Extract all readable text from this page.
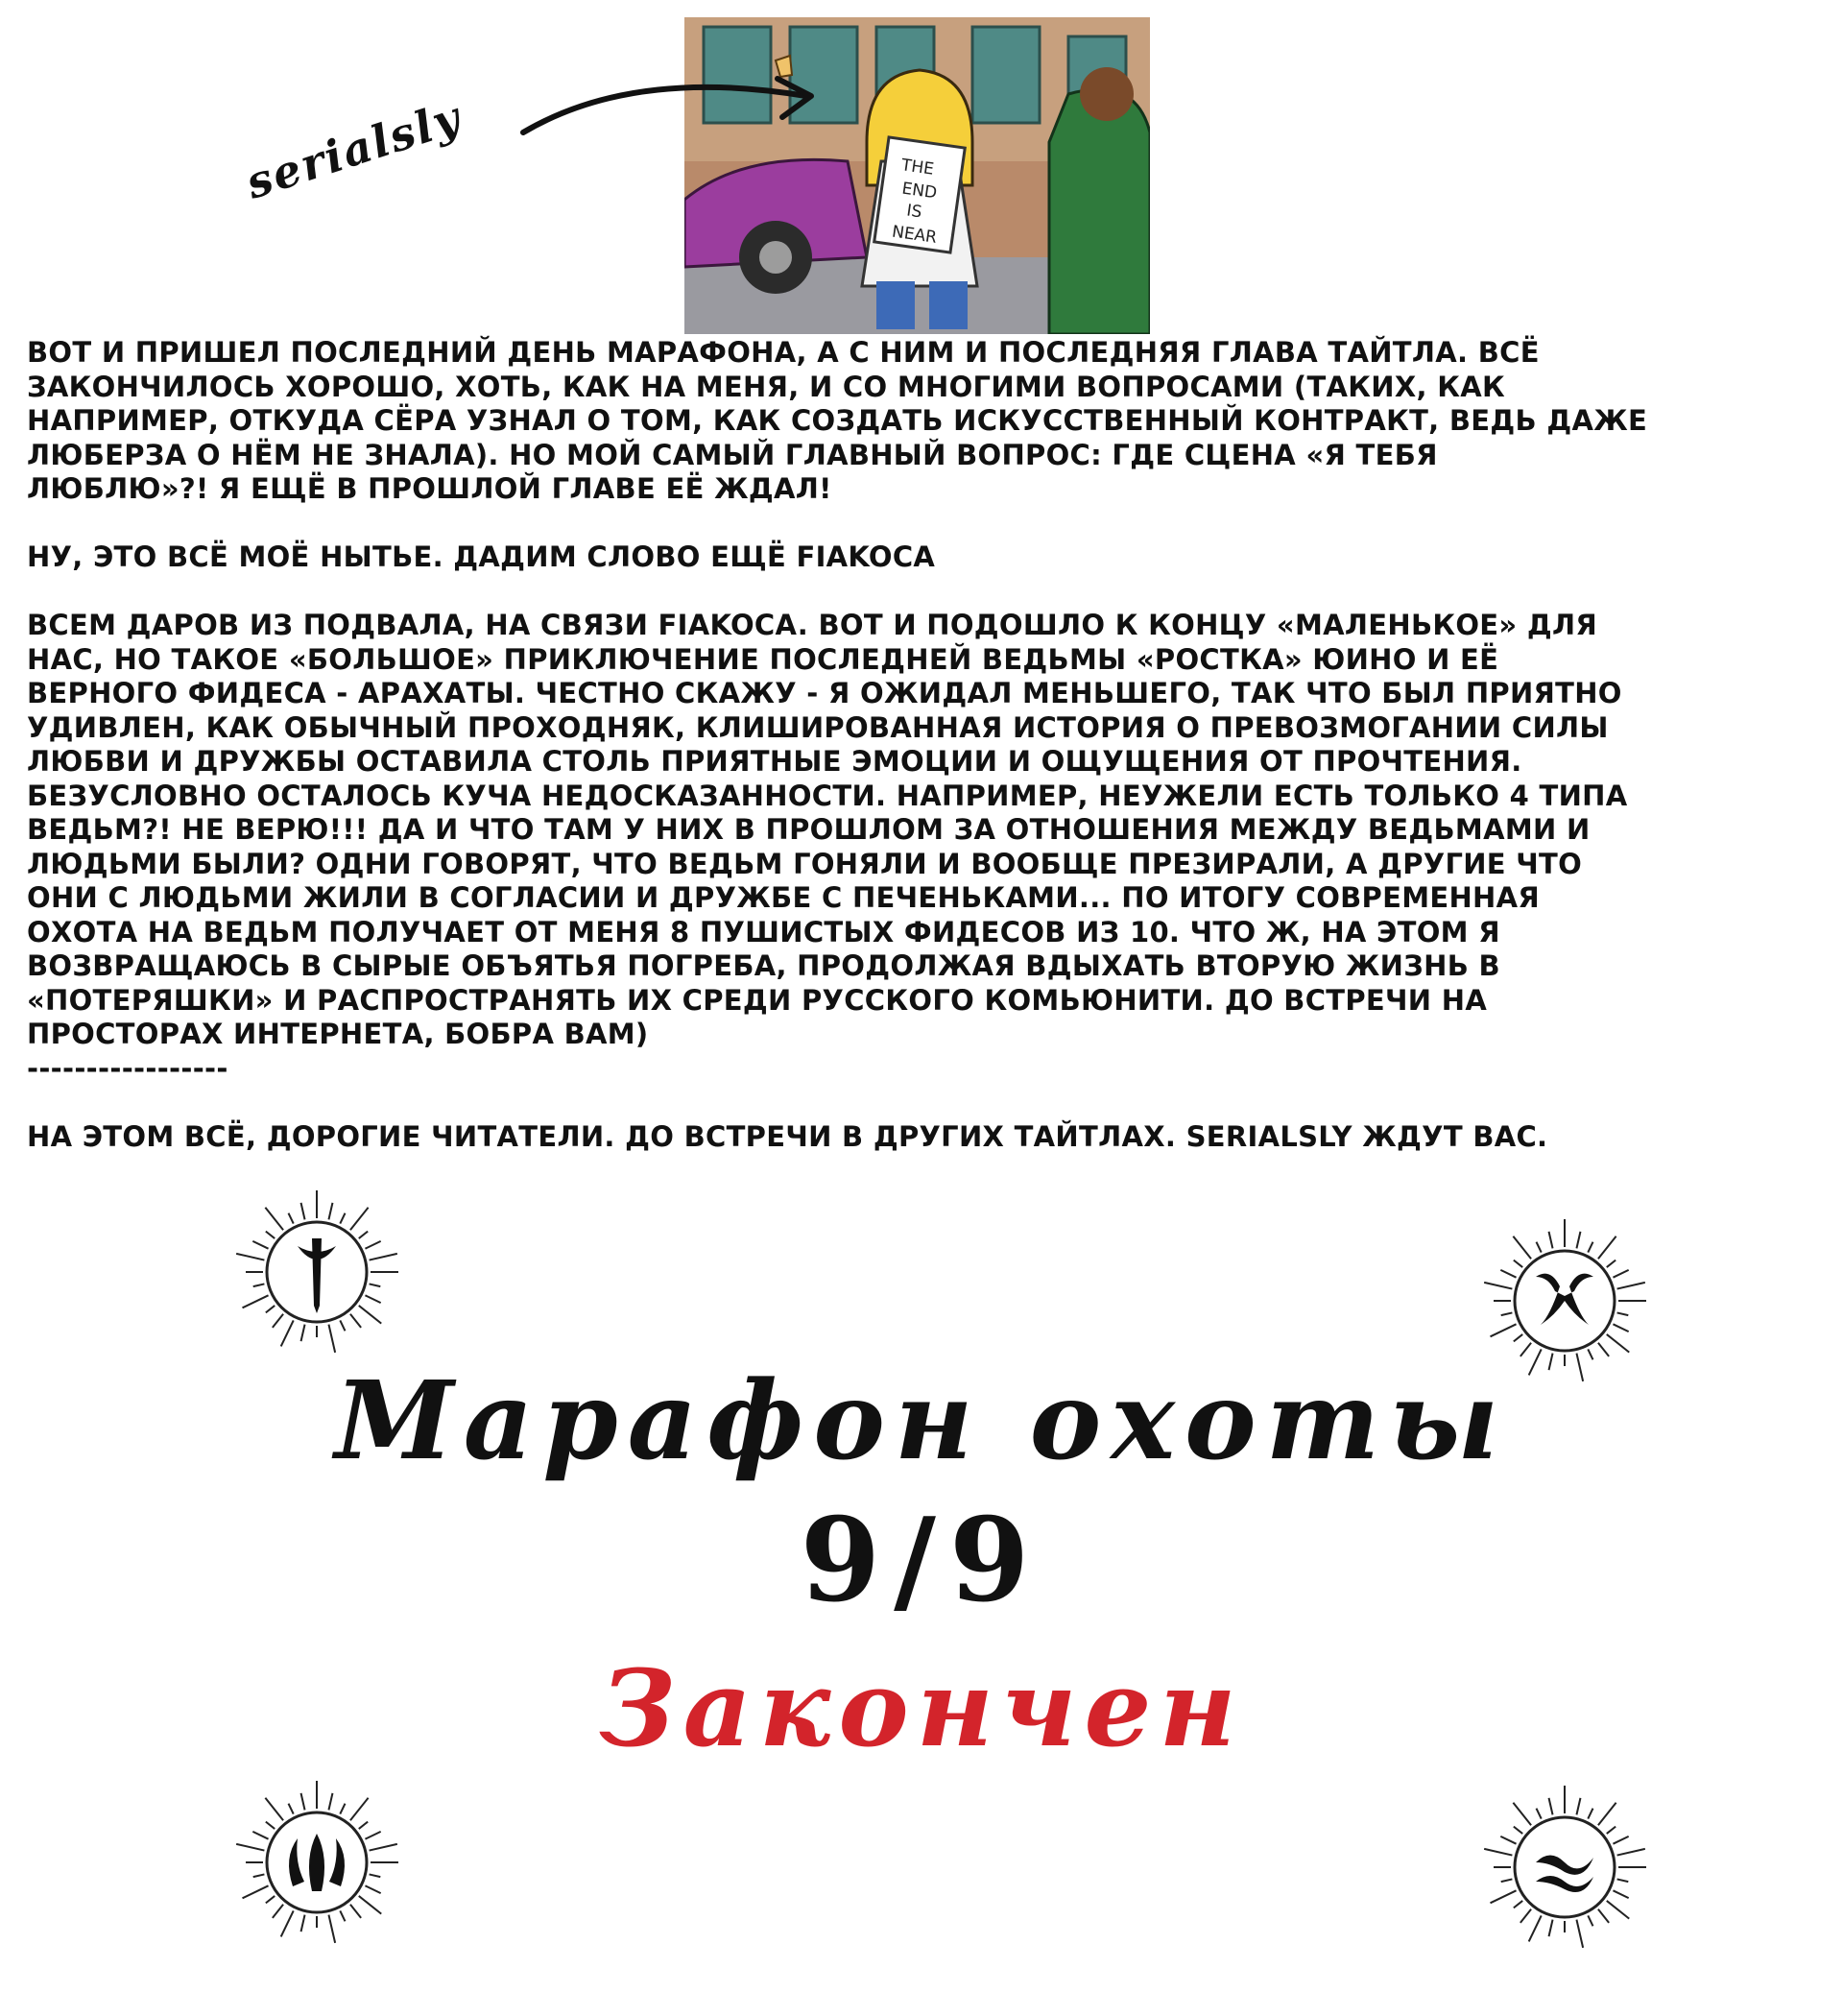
THE
END
IS
NEAR
serialsly

ВОТ И ПРИШЕЛ ПОСЛЕДНИЙ ДЕНЬ МАРАФОНА, А С НИМ И ПОСЛЕДНЯЯ ГЛАВА ТАЙТЛА. ВСЁ
ЗАКОНЧИЛОСЬ ХОРОШО, ХОТЬ, КАК НА МЕНЯ, И СО МНОГИМИ ВОПРОСАМИ (ТАКИХ, КАК
НАПРИМЕР, ОТКУДА СЁРА УЗНАЛ О ТОМ, КАК СОЗДАТЬ ИСКУССТВЕННЫЙ КОНТРАКТ, ВЕДЬ ДАЖЕ
ЛЮБЕРЗА О НЁМ НЕ ЗНАЛА). НО МОЙ САМЫЙ ГЛАВНЫЙ ВОПРОС: ГДЕ СЦЕНА «Я ТЕБЯ
ЛЮБЛЮ»?! Я ЕЩЁ В ПРОШЛОЙ ГЛАВЕ ЕЁ ЖДАЛ!

НУ, ЭТО ВСЁ МОЁ НЫТЬЕ. ДАДИМ СЛОВО ЕЩЁ FIAKOCA

ВСЕМ ДАРОВ ИЗ ПОДВАЛА, НА СВЯЗИ FIAKOCA. ВОТ И ПОДОШЛО К КОНЦУ «МАЛЕНЬКОЕ» ДЛЯ
НАС, НО ТАКОЕ «БОЛЬШОЕ» ПРИКЛЮЧЕНИЕ ПОСЛЕДНЕЙ ВЕДЬМЫ «РОСТКА» ЮИНО И ЕЁ
ВЕРНОГО ФИДЕСА - АРАХАТЫ. ЧЕСТНО СКАЖУ - Я ОЖИДАЛ МЕНЬШЕГО, ТАК ЧТО БЫЛ ПРИЯТНО
УДИВЛЕН, КАК ОБЫЧНЫЙ ПРОХОДНЯК, КЛИШИРОВАННАЯ ИСТОРИЯ О ПРЕВОЗМОГАНИИ СИЛЫ
ЛЮБВИ И ДРУЖБЫ ОСТАВИЛА СТОЛЬ ПРИЯТНЫЕ ЭМОЦИИ И ОЩУЩЕНИЯ ОТ ПРОЧТЕНИЯ.
БЕЗУСЛОВНО ОСТАЛОСЬ КУЧА НЕДОСКАЗАННОСТИ. НАПРИМЕР, НЕУЖЕЛИ ЕСТЬ ТОЛЬКО 4 ТИПА
ВЕДЬМ?! НЕ ВЕРЮ!!! ДА И ЧТО ТАМ У НИХ В ПРОШЛОМ ЗА ОТНОШЕНИЯ МЕЖДУ ВЕДЬМАМИ И
ЛЮДЬМИ БЫЛИ? ОДНИ ГОВОРЯТ, ЧТО ВЕДЬМ ГОНЯЛИ И ВООБЩЕ ПРЕЗИРАЛИ, А ДРУГИЕ ЧТО
ОНИ С ЛЮДЬМИ ЖИЛИ В СОГЛАСИИ И ДРУЖБЕ С ПЕЧЕНЬКАМИ... ПО ИТОГУ СОВРЕМЕННАЯ
ОХОТА НА ВЕДЬМ ПОЛУЧАЕТ ОТ МЕНЯ 8 ПУШИСТЫХ ФИДЕСОВ ИЗ 10. ЧТО Ж, НА ЭТОМ Я
ВОЗВРАЩАЮСЬ В СЫРЫЕ ОБЪЯТЬЯ ПОГРЕБА, ПРОДОЛЖАЯ ВДЫХАТЬ ВТОРУЮ ЖИЗНЬ В
«ПОТЕРЯШКИ» И РАСПРОСТРАНЯТЬ ИХ СРЕДИ РУССКОГО КОМЬЮНИТИ. ДО ВСТРЕЧИ НА
ПРОСТОРАХ ИНТЕРНЕТА, БОБРА ВАМ)
-----------------

НА ЭТОМ ВСЁ, ДОРОГИЕ ЧИТАТЕЛИ. ДО ВСТРЕЧИ В ДРУГИХ ТАЙТЛАХ. SERIALSLY ЖДУТ ВАС.

Марафон охоты
9/9
Закончен
